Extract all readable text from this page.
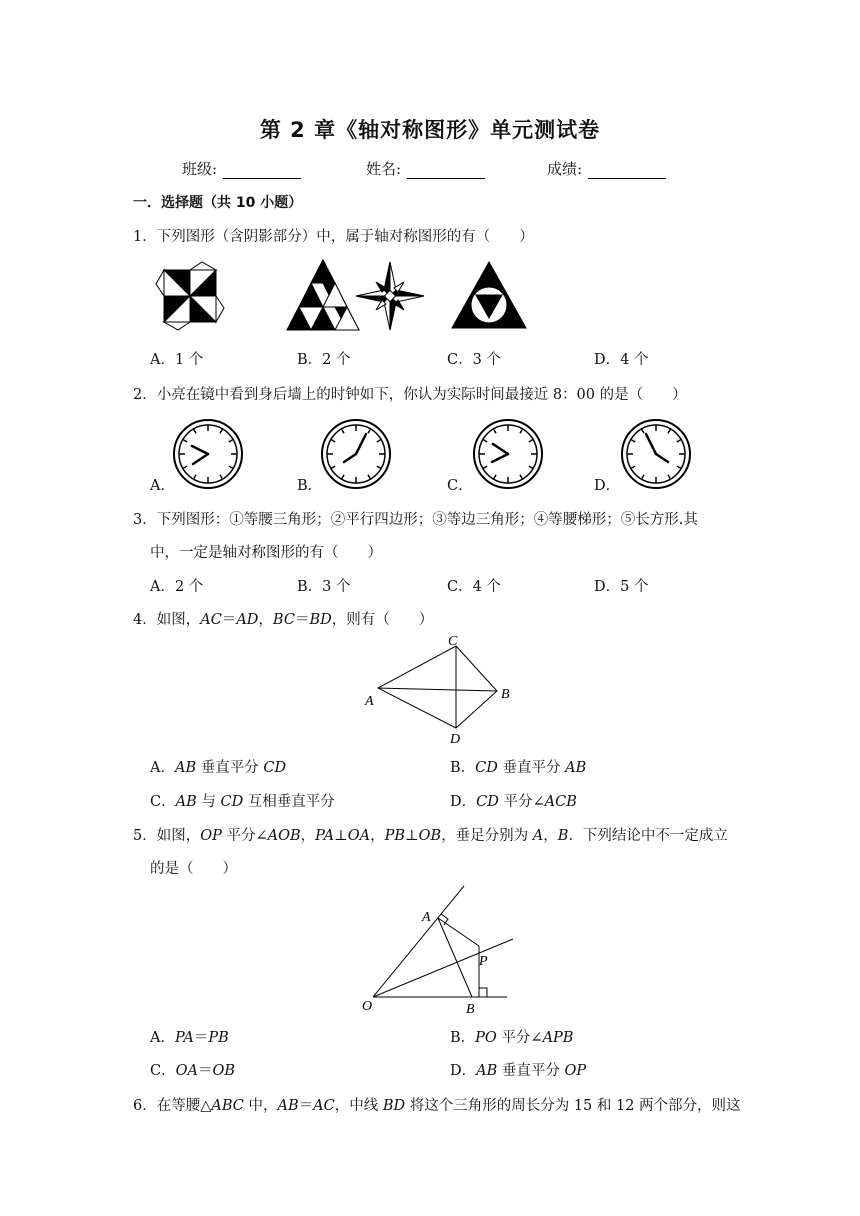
第 2 章《轴对称图形》单元测试卷
班级:	姓名:	成绩:
一．选择题（共 10 小题）
1．下列图形（含阴影部分）中，属于轴对称图形的有（　　）
A．1 个	B．2 个	C．3 个	D．4 个
2．小亮在镜中看到身后墙上的时钟如下，你认为实际时间最接近 8：00 的是（　　）
A．	B．	C．	D．
3．下列图形：①等腰三角形；②平行四边形；③等边三角形；④等腰梯形；⑤长方形.其
中，一定是轴对称图形的有（　　）
A．2 个	B．3 个	C．4 个	D．5 个
4．如图，AC＝AD，BC＝BD，则有（　　）
C
B
A
D
A．AB 垂直平分 CD	B．CD 垂直平分 AB
C．AB 与 CD 互相垂直平分	D．CD 平分∠ACB
5．如图，OP 平分∠AOB，PA⊥OA，PB⊥OB，垂足分别为 A，B．下列结论中不一定成立
的是（　　）
A
P
O	B
A．PA＝PB	B．PO 平分∠APB
C．OA＝OB	D．AB 垂直平分 OP
6．在等腰△ABC 中，AB＝AC，中线 BD 将这个三角形的周长分为 15 和 12 两个部分，则这
